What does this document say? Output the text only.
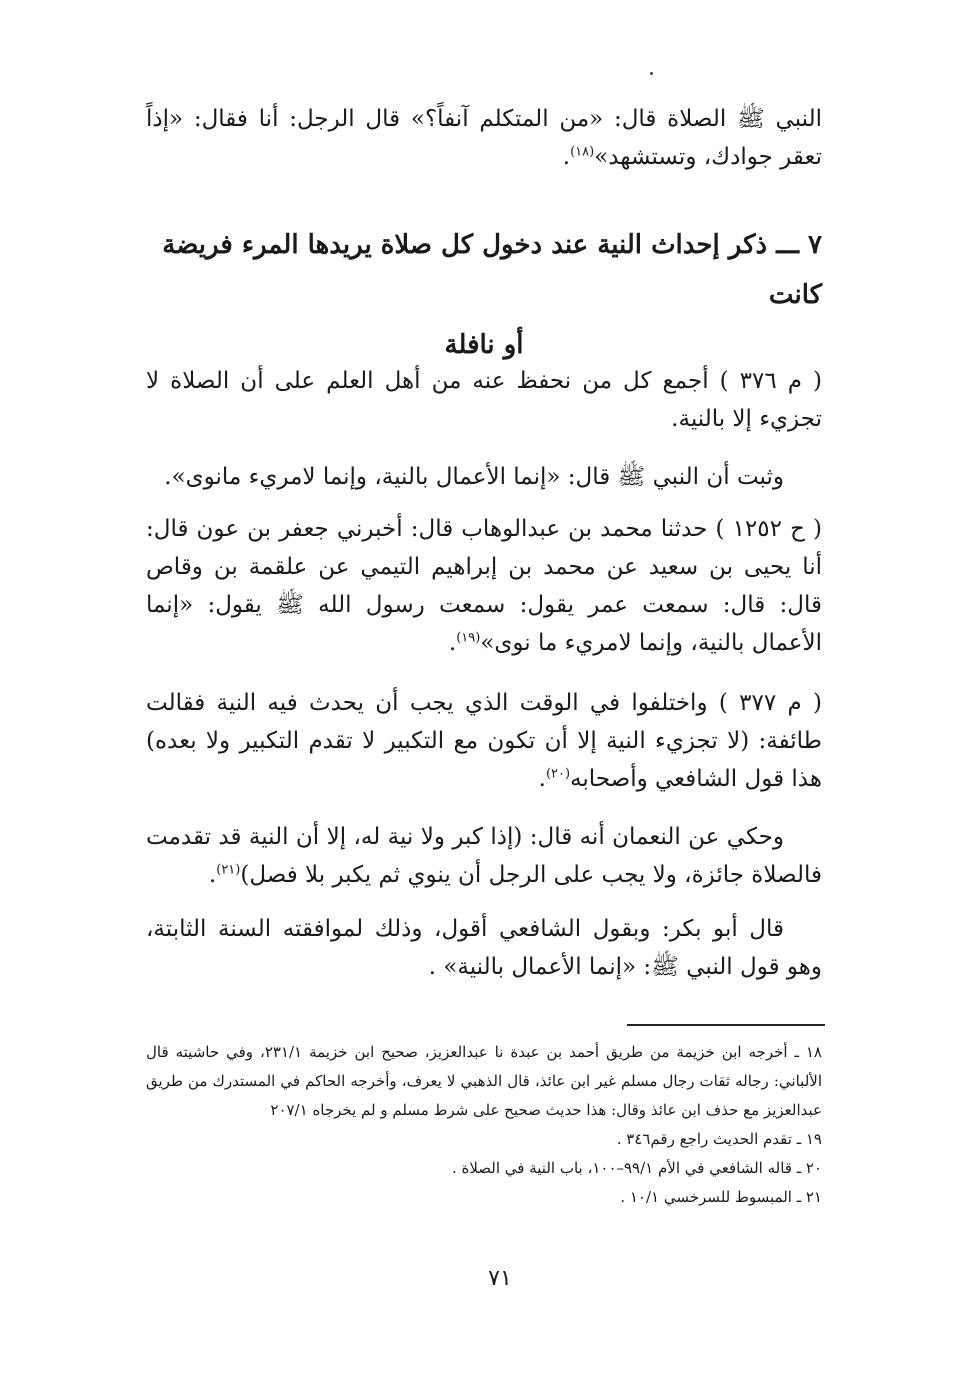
النبي ﷺ الصلاة قال: «من المتكلم آنفاً؟» قال الرجل: أنا فقال: «إذاً تعقر جوادك، وتستشهد»$^{(١٨)}$.

٧ ـــ ذكر إحداث النية عند دخول كل صلاة يريدها المرء فريضة كانت
أو نافلة

( م ٣٧٦ ) أجمع كل من نحفظ عنه من أهل العلم على أن الصلاة لا تجزيء إلا بالنية.

وثبت أن النبي ﷺ قال: «إنما الأعمال بالنية، وإنما لامريء مانوى».

( ح ١٢٥٢ ) حدثنا محمد بن عبدالوهاب قال: أخبرني جعفر بن عون قال: أنا يحيى بن سعيد عن محمد بن إبراهيم التيمي عن علقمة بن وقاص قال: قال: سمعت عمر يقول: سمعت رسول الله ﷺ يقول: «إنما الأعمال بالنية، وإنما لامريء ما نوى»$^{(١٩)}$.

( م ٣٧٧ ) واختلفوا في الوقت الذي يجب أن يحدث فيه النية فقالت طائفة: (لا تجزيء النية إلا أن تكون مع التكبير لا تقدم التكبير ولا بعده) هذا قول الشافعي وأصحابه$^{(٢٠)}$.

وحكي عن النعمان أنه قال: (إذا كبر ولا نية له، إلا أن النية قد تقدمت فالصلاة جائزة، ولا يجب على الرجل أن ينوي ثم يكبر بلا فصل)$^{(٢١)}$.

قال أبو بكر: وبقول الشافعي أقول، وذلك لموافقته السنة الثابتة، وهو قول النبي ﷺ: «إنما الأعمال بالنية» .

١٨ ـ أخرجه ابن خزيمة من طريق أحمد بن عبدة نا عبدالعزيز، صحيح ابن خزيمة ٢٣١/١، وفي حاشيته قال الألباني: رجاله ثقات رجال مسلم غير ابن عائذ، قال الذهبي لا يعرف، وأخرجه الحاكم في المستدرك من طريق عبدالعزيز مع حذف ابن عائذ وقال: هذا حديث صحيح على شرط مسلم و لم يخرجاه ٢٠٧/١
١٩ ـ تقدم الحديث راجع رقم٣٤٦ .
٢٠ ـ قاله الشافعي في الأم ٩٩/١–١٠٠، باب النية في الصلاة .
٢١ ـ المبسوط للسرخسي ١٠/١ .
٧١
